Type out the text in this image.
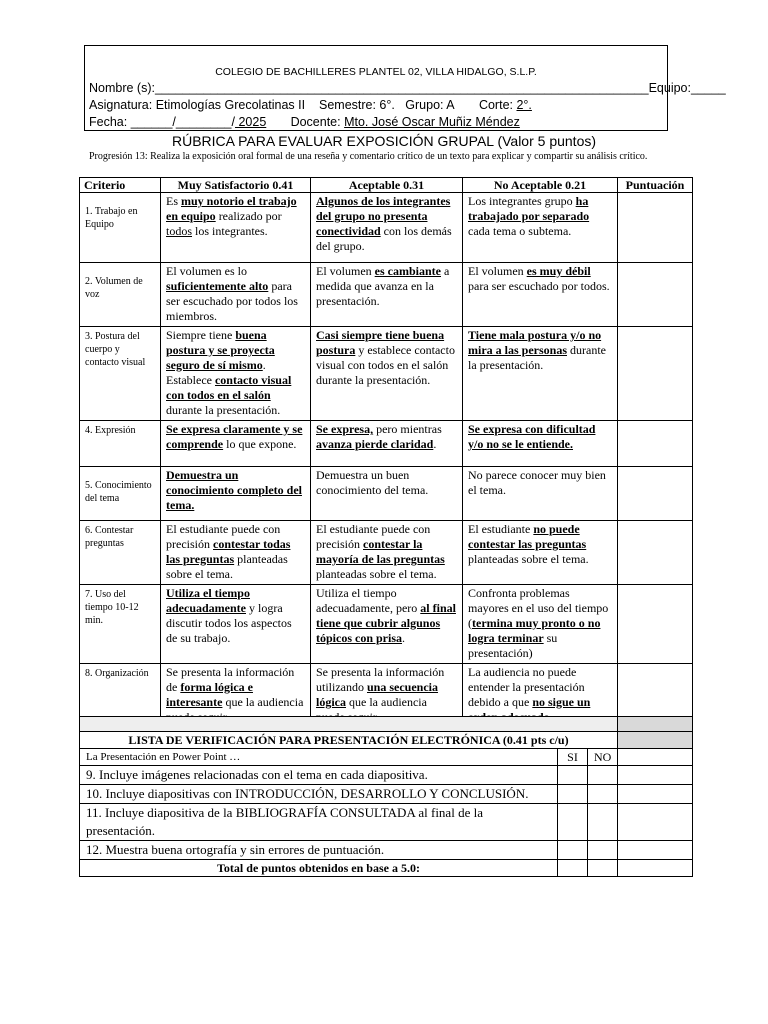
COLEGIO DE BACHILLERES PLANTEL 02, VILLA HIDALGO, S.L.P.
Nombre (s):_______________________________________________________________________Equipo:_____
Asignatura: Etimologías Grecolatinas II Semestre: 6°. Grupo: A Corte: 2°.
Fecha: ______/________/ 2025 Docente: Mto. José Oscar Muñiz Méndez
RÚBRICA PARA EVALUAR EXPOSICIÓN GRUPAL (Valor 5 puntos)
Progresión 13: Realiza la exposición oral formal de una reseña y comentario crítico de un texto para explicar y compartir su análisis crítico.
Criterio	Muy Satisfactorio 0.41	Aceptable 0.31	No Aceptable 0.21	Puntuación
1. Trabajo en Equipo	Es muy notorio el trabajo en equipo realizado por todos los integrantes.	Algunos de los integrantes del grupo no presenta conectividad con los demás del grupo.	Los integrantes grupo ha trabajado por separado cada tema o subtema.	
2. Volumen de voz	El volumen es lo suficientemente alto para ser escuchado por todos los miembros.	El volumen es cambiante a medida que avanza en la presentación.	El volumen es muy débil para ser escuchado por todos.	
3. Postura del cuerpo y contacto visual	Siempre tiene buena postura y se proyecta seguro de sí mismo. Establece contacto visual con todos en el salón durante la presentación.	Casi siempre tiene buena postura y establece contacto visual con todos en el salón durante la presentación.	Tiene mala postura y/o no mira a las personas durante la presentación.	
4. Expresión	Se expresa claramente y se comprende lo que expone.	Se expresa, pero mientras avanza pierde claridad.	Se expresa con dificultad y/o no se le entiende.	
5. Conocimiento del tema	Demuestra un conocimiento completo del tema.	Demuestra un buen conocimiento del tema.	No parece conocer muy bien el tema.	
6. Contestar preguntas	El estudiante puede con precisión contestar todas las preguntas planteadas sobre el tema.	El estudiante puede con precisión contestar la mayoría de las preguntas planteadas sobre el tema.	El estudiante no puede contestar las preguntas planteadas sobre el tema.	
7. Uso del tiempo 10-12 min.	Utiliza el tiempo adecuadamente y logra discutir todos los aspectos de su trabajo.	Utiliza el tiempo adecuadamente, pero al final tiene que cubrir algunos tópicos con prisa.	Confronta problemas mayores en el uso del tiempo (termina muy pronto o no logra terminar su presentación)	
8. Organización	Se presenta la información de forma lógica e interesante que la audiencia	Se presenta la información utilizando una secuencia lógica que la audiencia	La audiencia no puede entender la presentación debido a que no sigue un	

LISTA DE VERIFICACIÓN PARA PRESENTACIÓN ELECTRÓNICA (0.41 pts c/u)			
La Presentación en Power Point …	SI	NO	
9. Incluye imágenes relacionadas con el tema en cada diapositiva.			
10. Incluye diapositivas con INTRODUCCIÓN, DESARROLLO Y CONCLUSIÓN.			
11. Incluye diapositiva de la BIBLIOGRAFÍA CONSULTADA al final de la presentación.			
12. Muestra buena ortografía y sin errores de puntuación.			
Total de puntos obtenidos en base a 5.0:			
